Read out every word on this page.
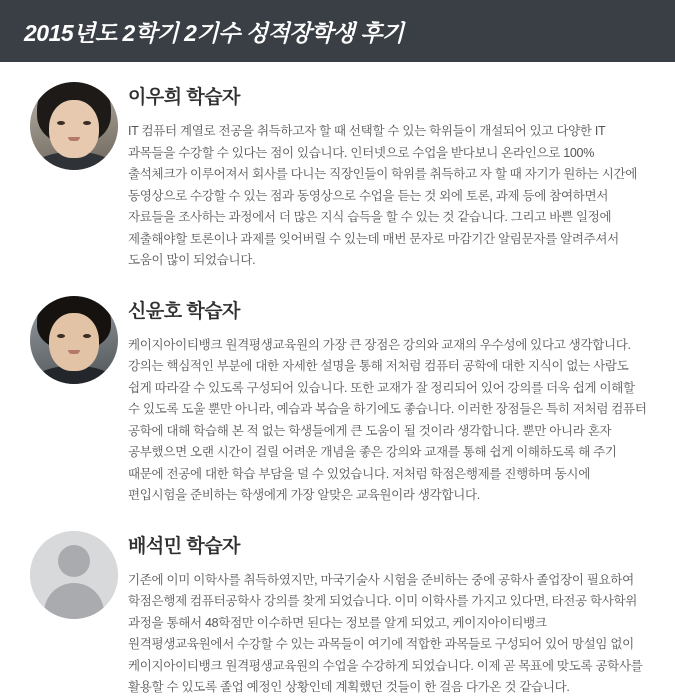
2015년도 2학기 2기수 성적장학생 후기
이우희 학습자
IT 컴퓨터 계열로 전공을 취득하고자 할 때 선택할 수 있는 학위들이 개설되어 있고 다양한 IT 과목들을 수강할 수 있다는 점이 있습니다. 인터넷으로 수업을 받다보니 온라인으로 100% 출석체크가 이루어져서 회사를 다니는 직장인들이 학위를 취득하고 자 할 때 자기가 원하는 시간에 동영상으로 수강할 수 있는 점과 동영상으로 수업을 듣는 것 외에 토론, 과제 등에 참여하면서 자료들을 조사하는 과정에서 더 많은 지식 습득을 할 수 있는 것 같습니다. 그리고 바쁜 일정에 제출해야할 토론이나 과제를 잊어버릴 수 있는데 매번 문자로 마감기간 알림문자를 알려주셔서 도움이 많이 되었습니다.
신윤호 학습자
케이지아이티뱅크 원격평생교육원의 가장 큰 장점은 강의와 교재의 우수성에 있다고 생각합니다. 강의는 핵심적인 부분에 대한 자세한 설명을 통해 저처럼 컴퓨터 공학에 대한 지식이 없는 사람도 쉽게 따라갈 수 있도록 구성되어 있습니다. 또한 교재가 잘 정리되어 있어 강의를 더욱 쉽게 이해할 수 있도록 도울 뿐만 아니라, 예습과 복습을 하기에도 좋습니다. 이러한 장점들은 특히 저처럼 컴퓨터 공학에 대해 학습해 본 적 없는 학생들에게 큰 도움이 될 것이라 생각합니다. 뿐만 아니라 혼자 공부했으면 오랜 시간이 걸릴 어려운 개념을 좋은 강의와 교재를 통해 쉽게 이해하도록 해 주기 때문에 전공에 대한 학습 부담을 덜 수 있었습니다. 저처럼 학점은행제를 진행하며 동시에 편입시험을 준비하는 학생에게 가장 알맞은 교육원이라 생각합니다.
배석민 학습자
기존에 이미 이학사를 취득하였지만, 마국기술사 시험을 준비하는 중에 공학사 졸업장이 필요하여 학점은행제 컴퓨터공학사 강의를 찾게 되었습니다. 이미 이학사를 가지고 있다면, 타전공 학사학위 과정을 통해서 48학점만 이수하면 된다는 정보를 알게 되었고, 케이지아이티뱅크 원격평생교육원에서 수강할 수 있는 과목들이 여기에 적합한 과목들로 구성되어 있어 망설임 없이 케이지아이티뱅크 원격평생교육원의 수업을 수강하게 되었습니다. 이제 곧 목표에 맞도록 공학사를 활용할 수 있도록 졸업 예정인 상황인데 계획했던 것들이 한 걸음 다가온 것 같습니다.
